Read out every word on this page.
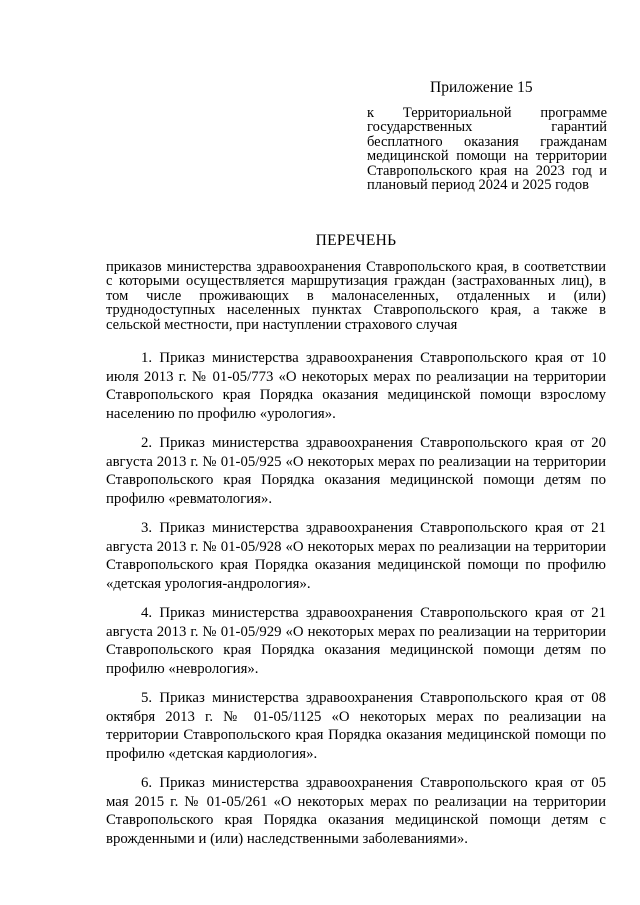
Приложение 15
к Территориальной программе государственных гарантий бесплатного оказания гражданам медицинской помощи на территории Ставропольского края на 2023 год и плановый период 2024 и 2025 годов
ПЕРЕЧЕНЬ
приказов министерства здравоохранения Ставропольского края, в соответствии с которыми осуществляется маршрутизация граждан (застрахованных лиц), в том числе проживающих в малонаселенных, отдаленных и (или) труднодоступных населенных пунктах Ставропольского края, а также в сельской местности, при наступлении страхового случая
1. Приказ министерства здравоохранения Ставропольского края от 10 июля 2013 г. № 01-05/773 «О некоторых мерах по реализации на территории Ставропольского края Порядка оказания медицинской помощи взрослому населению по профилю «урология».
2. Приказ министерства здравоохранения Ставропольского края от 20 августа 2013 г. № 01-05/925 «О некоторых мерах по реализации на территории Ставропольского края Порядка оказания медицинской помощи детям по профилю «ревматология».
3. Приказ министерства здравоохранения Ставропольского края от 21 августа 2013 г. № 01-05/928 «О некоторых мерах по реализации на территории Ставропольского края Порядка оказания медицинской помощи по профилю «детская урология-андрология».
4. Приказ министерства здравоохранения Ставропольского края от 21 августа 2013 г. № 01-05/929 «О некоторых мерах по реализации на территории Ставропольского края Порядка оказания медицинской помощи детям по профилю «неврология».
5. Приказ министерства здравоохранения Ставропольского края от 08 октября 2013 г. № 01-05/1125 «О некоторых мерах по реализации на территории Ставропольского края Порядка оказания медицинской помощи по профилю «детская кардиология».
6. Приказ министерства здравоохранения Ставропольского края от 05 мая 2015 г. № 01-05/261 «О некоторых мерах по реализации на территории Ставропольского края Порядка оказания медицинской помощи детям с врожденными и (или) наследственными заболеваниями».
